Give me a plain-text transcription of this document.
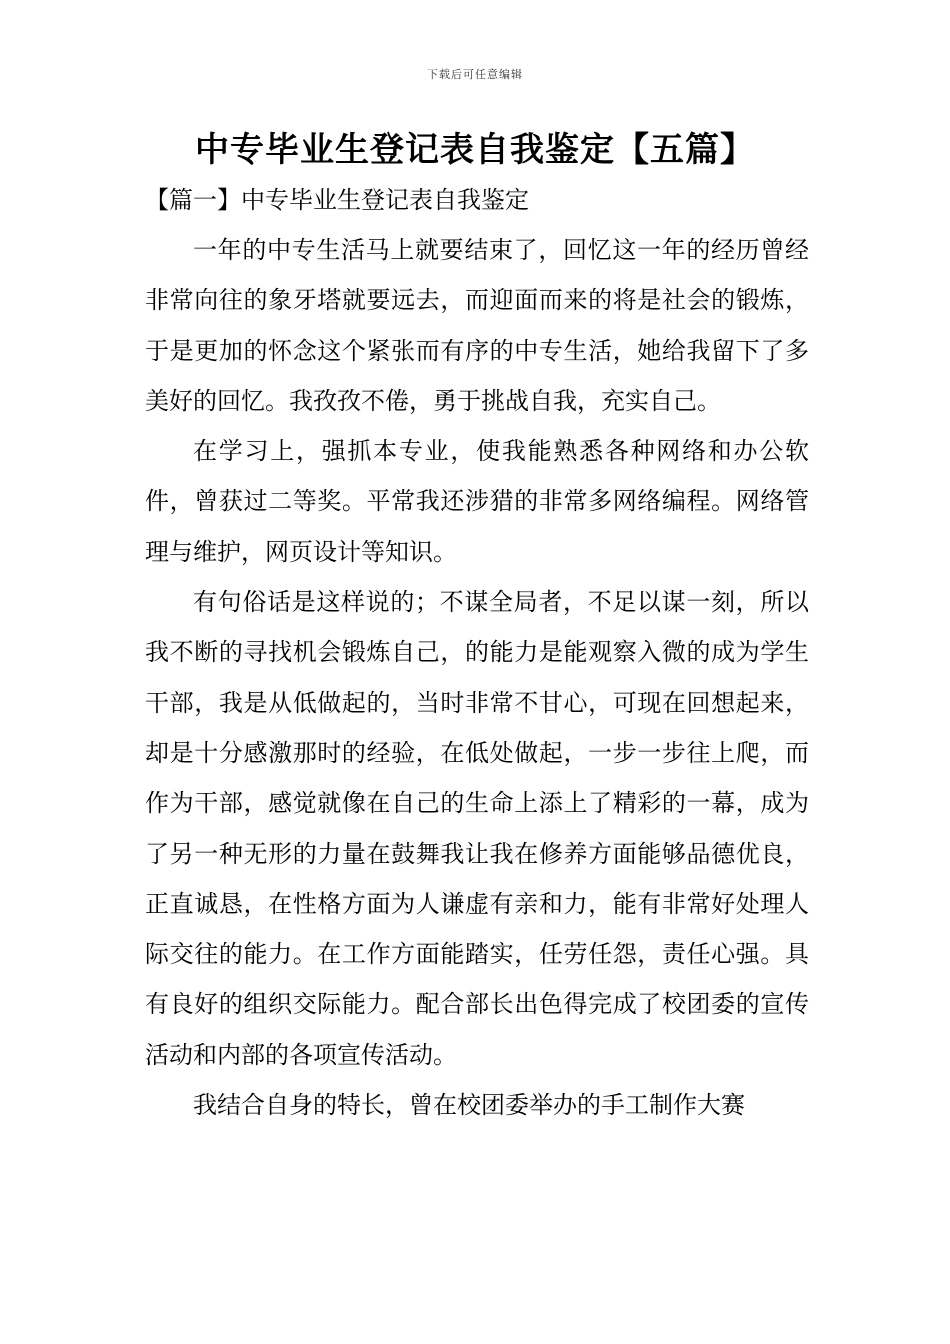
下载后可任意编辑
中专毕业生登记表自我鉴定【五篇】
【篇一】中专毕业生登记表自我鉴定

一年的中专生活马上就要结束了，回忆这一年的经历曾经非常向往的象牙塔就要远去，而迎面而来的将是社会的锻炼，于是更加的怀念这个紧张而有序的中专生活，她给我留下了多美好的回忆。我孜孜不倦，勇于挑战自我，充实自己。

在学习上，强抓本专业，使我能熟悉各种网络和办公软件，曾获过二等奖。平常我还涉猎的非常多网络编程。网络管理与维护，网页设计等知识。

有句俗话是这样说的；不谋全局者，不足以谋一刻，所以我不断的寻找机会锻炼自己，的能力是能观察入微的成为学生干部，我是从低做起的，当时非常不甘心，可现在回想起来，却是十分感激那时的经验，在低处做起，一步一步往上爬，而作为干部，感觉就像在自己的生命上添上了精彩的一幕，成为了另一种无形的力量在鼓舞我让我在修养方面能够品德优良，正直诚恳，在性格方面为人谦虚有亲和力，能有非常好处理人际交往的能力。在工作方面能踏实，任劳任怨，责任心强。具有良好的组织交际能力。配合部长出色得完成了校团委的宣传活动和内部的各项宣传活动。

我结合自身的特长，曾在校团委举办的手工制作大赛
